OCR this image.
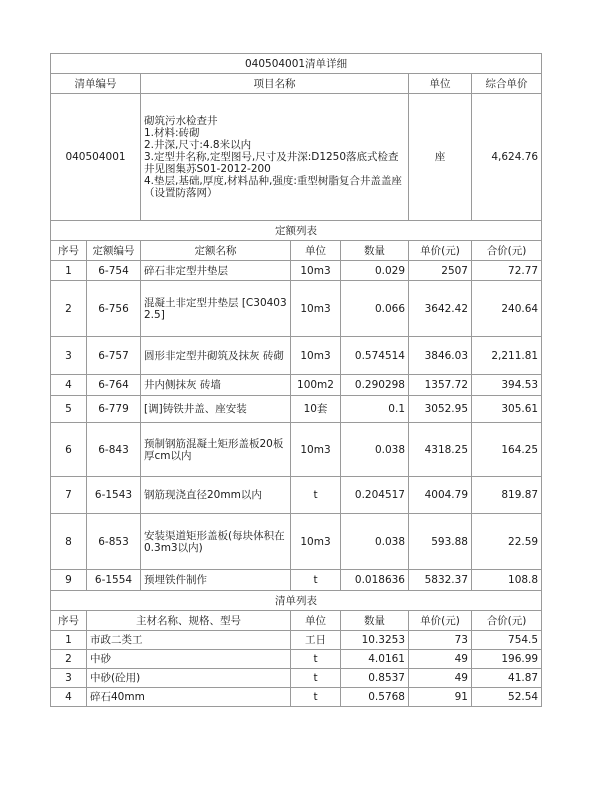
040504001清单详细						
清单编号		项目名称			单位	综合单价
040504001		砌筑污水检查井
1.材料:砖砌
2.井深,尺寸:4.8米以内
3.定型井名称,定型图号,尺寸及井深:D1250落底式检查井见图集苏S01-2012-200
4.垫层,基础,厚度,材料品种,强度:重型树脂复合井盖盖座（设置防落网）			座	4,624.76
定额列表						
序号	定额编号	定额名称	单位	数量	单价(元)	合价(元)
1	6-754	碎石非定型井垫层	10m3	0.029	2507	72.77
2	6-756	混凝土非定型井垫层 [C304032.5]	10m3	0.066	3642.42	240.64
3	6-757	圆形非定型井砌筑及抹灰 砖砌	10m3	0.574514	3846.03	2,211.81
4	6-764	井内侧抹灰 砖墙	100m2	0.290298	1357.72	394.53
5	6-779	[调]铸铁井盖、座安装	10套	0.1	3052.95	305.61
6	6-843	预制钢筋混凝土矩形盖板20板厚cm以内	10m3	0.038	4318.25	164.25
7	6-1543	钢筋现浇直径20mm以内	t	0.204517	4004.79	819.87
8	6-853	安装渠道矩形盖板(每块体积在0.3m3以内)	10m3	0.038	593.88	22.59
9	6-1554	预埋铁件制作	t	0.018636	5832.37	108.8
清单列表						
序号	主材名称、规格、型号		单位	数量	单价(元)	合价(元)
1	市政二类工		工日	10.3253	73	754.5
2	中砂		t	4.0161	49	196.99
3	中砂(砼用)		t	0.8537	49	41.87
4	碎石40mm		t	0.5768	91	52.54
